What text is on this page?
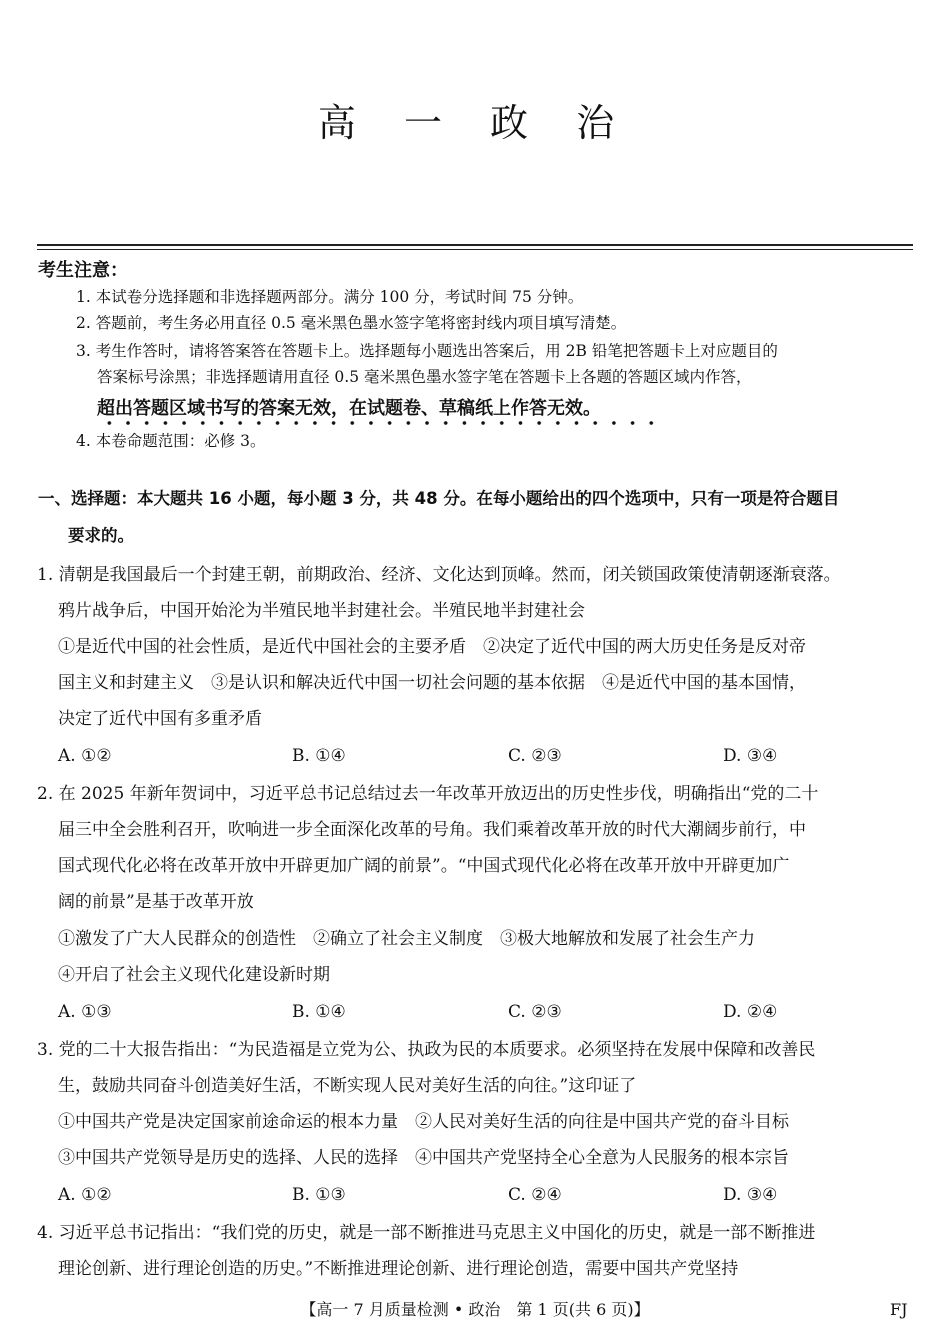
高 一 政 治
考生注意：
1. 本试卷分选择题和非选择题两部分。满分 100 分，考试时间 75 分钟。
2. 答题前，考生务必用直径 0.5 毫米黑色墨水签字笔将密封线内项目填写清楚。
3. 考生作答时，请将答案答在答题卡上。选择题每小题选出答案后，用 2B 铅笔把答题卡上对应题目的
答案标号涂黑；非选择题请用直径 0.5 毫米黑色墨水签字笔在答题卡上各题的答题区域内作答，
超出答题区域书写的答案无效，在试题卷、草稿纸上作答无效。
4. 本卷命题范围：必修 3。
一、选择题：本大题共 16 小题，每小题 3 分，共 48 分。在每小题给出的四个选项中，只有一项是符合题目
要求的。
1. 清朝是我国最后一个封建王朝，前期政治、经济、文化达到顶峰。然而，闭关锁国政策使清朝逐渐衰落。
鸦片战争后，中国开始沦为半殖民地半封建社会。半殖民地半封建社会
①是近代中国的社会性质，是近代中国社会的主要矛盾　②决定了近代中国的两大历史任务是反对帝
国主义和封建主义　③是认识和解决近代中国一切社会问题的基本依据　④是近代中国的基本国情，
决定了近代中国有多重矛盾
A. ①②	B. ①④	C. ②③	D. ③④
2. 在 2025 年新年贺词中，习近平总书记总结过去一年改革开放迈出的历史性步伐，明确指出“党的二十
届三中全会胜利召开，吹响进一步全面深化改革的号角。我们乘着改革开放的时代大潮阔步前行，中
国式现代化必将在改革开放中开辟更加广阔的前景”。“中国式现代化必将在改革开放中开辟更加广
阔的前景”是基于改革开放
①激发了广大人民群众的创造性　②确立了社会主义制度　③极大地解放和发展了社会生产力
④开启了社会主义现代化建设新时期
A. ①③	B. ①④	C. ②③	D. ②④
3. 党的二十大报告指出：“为民造福是立党为公、执政为民的本质要求。必须坚持在发展中保障和改善民
生，鼓励共同奋斗创造美好生活，不断实现人民对美好生活的向往。”这印证了
①中国共产党是决定国家前途命运的根本力量　②人民对美好生活的向往是中国共产党的奋斗目标
③中国共产党领导是历史的选择、人民的选择　④中国共产党坚持全心全意为人民服务的根本宗旨
A. ①②	B. ①③	C. ②④	D. ③④
4. 习近平总书记指出：“我们党的历史，就是一部不断推进马克思主义中国化的历史，就是一部不断推进
理论创新、进行理论创造的历史。”不断推进理论创新、进行理论创造，需要中国共产党坚持
【高一 7 月质量检测 • 政治　第 1 页(共 6 页)】	FJ
